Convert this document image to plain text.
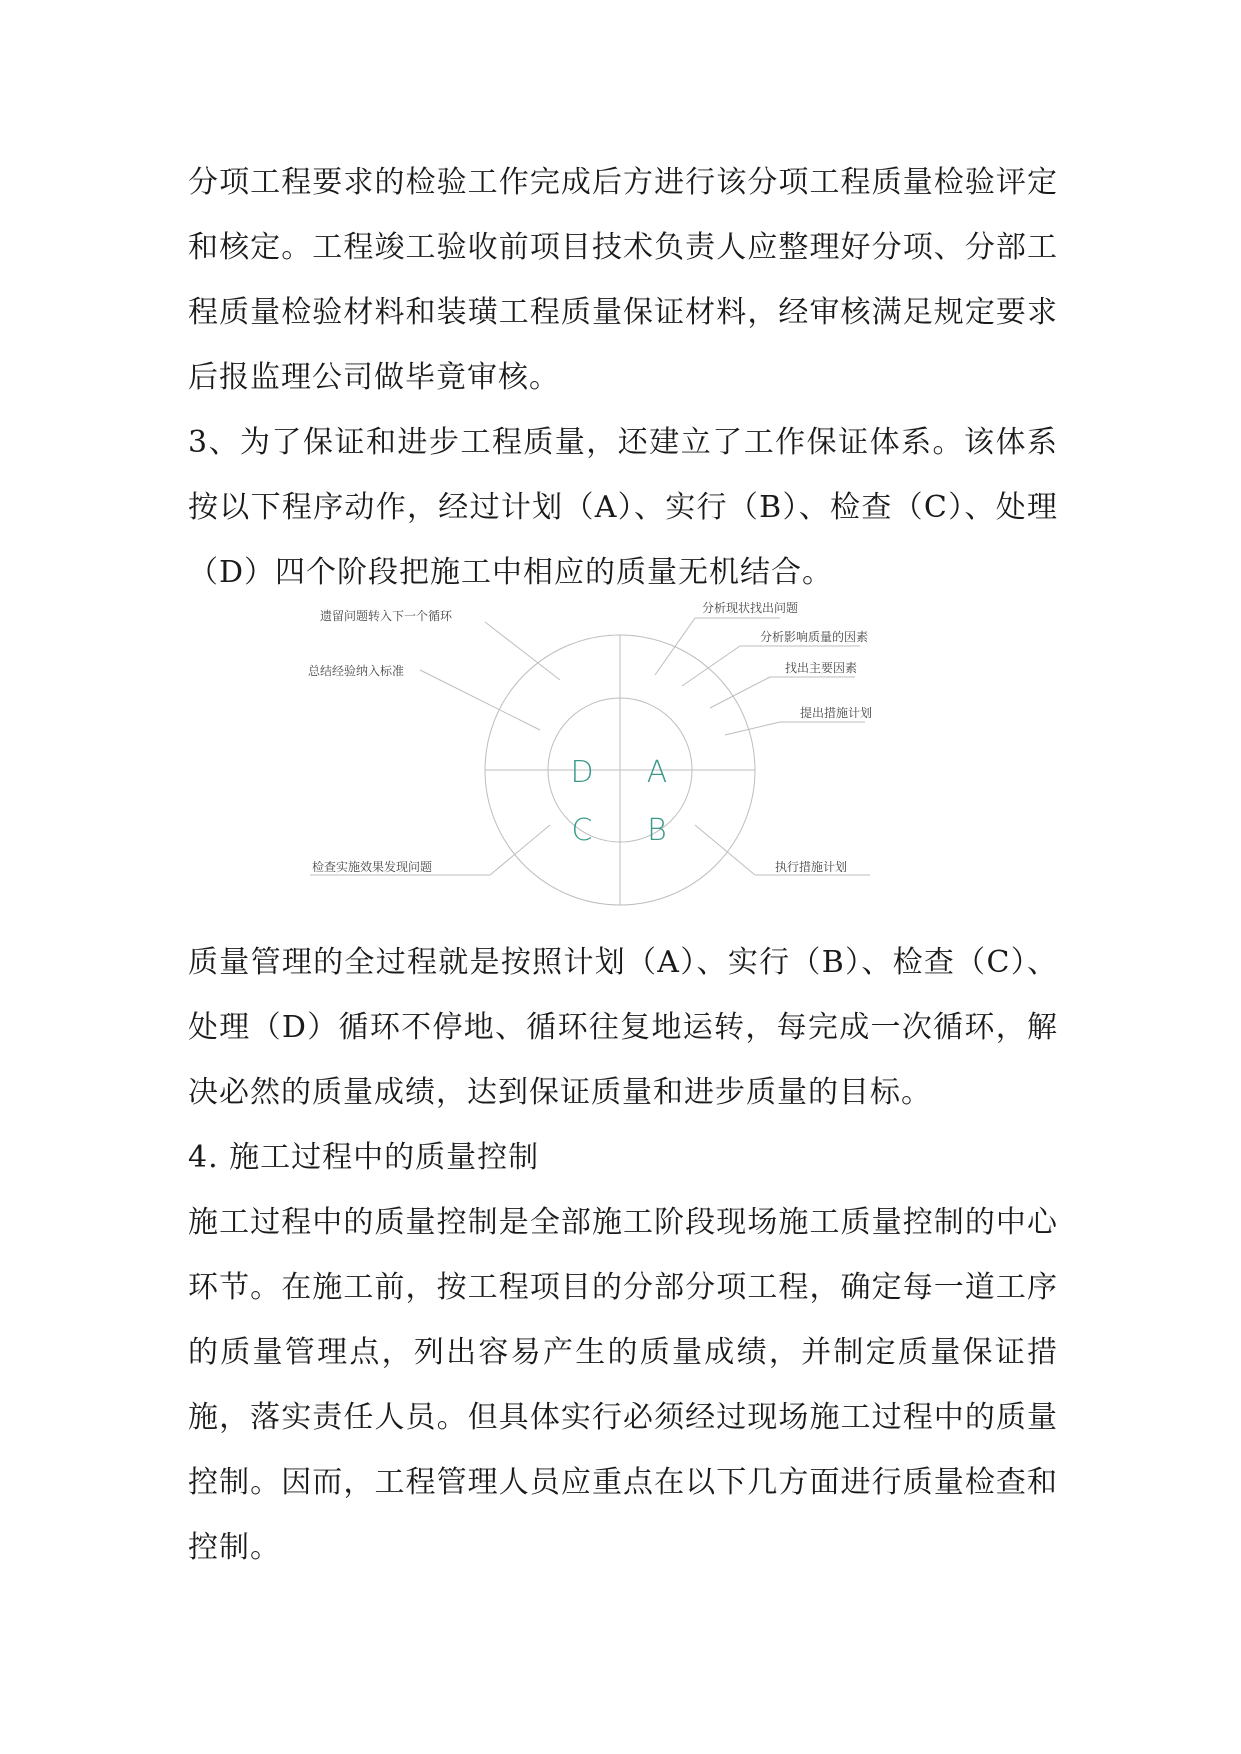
分项工程要求的检验工作完成后方进行该分项工程质量检验评定和核定。工程竣工验收前项目技术负责人应整理好分项、分部工程质量检验材料和装璜工程质量保证材料，经审核满足规定要求后报监理公司做毕竟审核。

3、为了保证和进步工程质量，还建立了工作保证体系。该体系按以下程序动作，经过计划（A）、实行（B）、检查（C）、处理（D）四个阶段把施工中相应的质量无机结合。

D A
C B
分析现状找出问题
分析影响质量的因素
找出主要因素
提出措施计划
执行措施计划
检查实施效果发现问题
总结经验纳入标准
遗留问题转入下一个循环

质量管理的全过程就是按照计划（A）、实行（B）、检查（C）、处理（D）循环不停地、循环往复地运转，每完成一次循环，解决必然的质量成绩，达到保证质量和进步质量的目标。

4. 施工过程中的质量控制

施工过程中的质量控制是全部施工阶段现场施工质量控制的中心环节。在施工前，按工程项目的分部分项工程，确定每一道工序的质量管理点，列出容易产生的质量成绩，并制定质量保证措施，落实责任人员。但具体实行必须经过现场施工过程中的质量控制。因而，工程管理人员应重点在以下几方面进行质量检查和控制。
